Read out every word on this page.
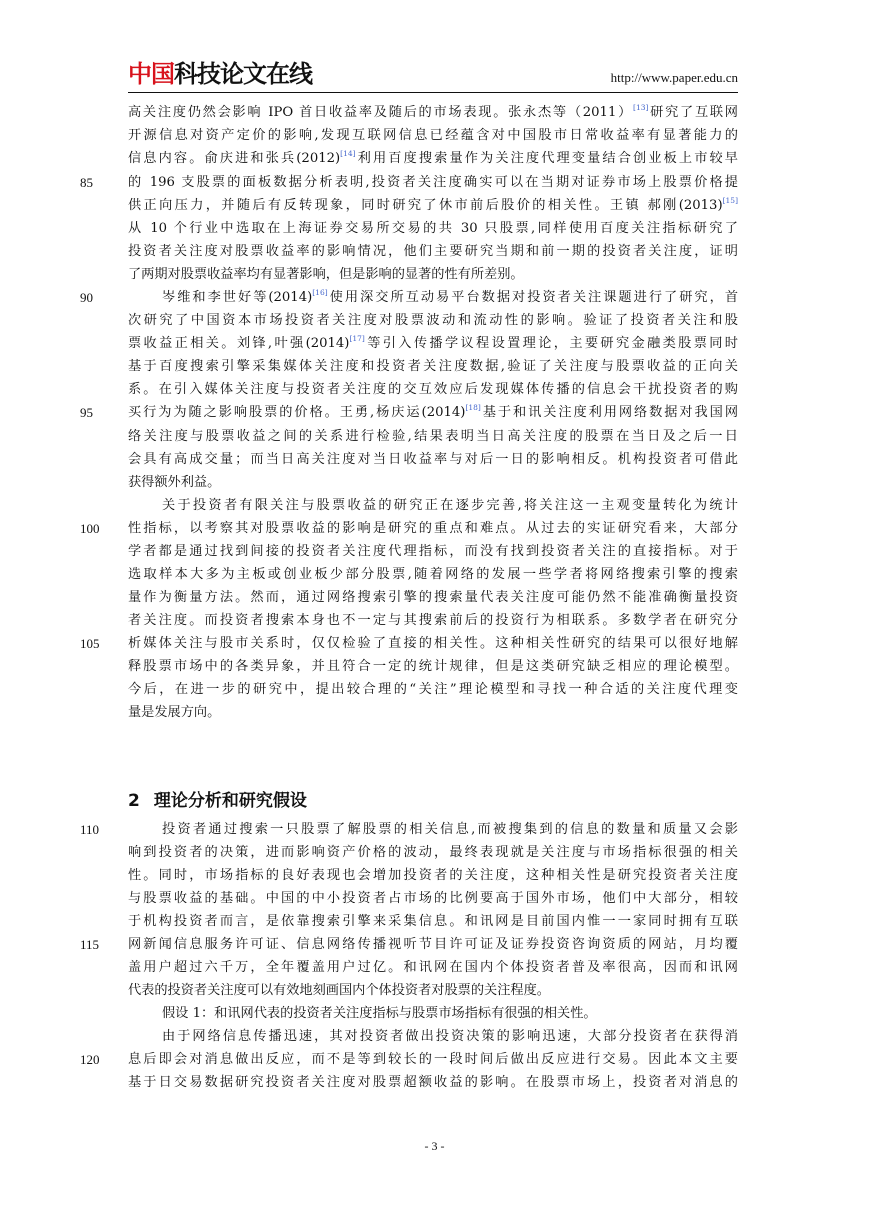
中国科技论文在线	http://www.paper.edu.cn
高关注度仍然会影响 IPO 首日收益率及随后的市场表现。张永杰等（2011）[13]研究了互联网
开源信息对资产定价的影响,发现互联网信息已经蕴含对中国股市日常收益率有显著能力的
信息内容。俞庆进和张兵(2012)[14]利用百度搜索量作为关注度代理变量结合创业板上市较早
的 196 支股票的面板数据分析表明,投资者关注度确实可以在当期对证券市场上股票价格提
供正向压力，并随后有反转现象，同时研究了休市前后股价的相关性。王镇 郝刚(2013)[15]
从 10 个行业中选取在上海证券交易所交易的共 30 只股票,同样使用百度关注指标研究了
投资者关注度对股票收益率的影响情况，他们主要研究当期和前一期的投资者关注度，证明
了两期对股票收益率均有显著影响，但是影响的显著的性有所差别。
岑维和李世好等(2014)[16]使用深交所互动易平台数据对投资者关注课题进行了研究，首
次研究了中国资本市场投资者关注度对股票波动和流动性的影响。验证了投资者关注和股
票收益正相关。刘锋,叶强(2014)[17]等引入传播学议程设置理论，主要研究金融类股票同时
基于百度搜索引擎采集媒体关注度和投资者关注度数据,验证了关注度与股票收益的正向关
系。在引入媒体关注度与投资者关注度的交互效应后发现媒体传播的信息会干扰投资者的购
买行为为随之影响股票的价格。王勇,杨庆运(2014)[18]基于和讯关注度利用网络数据对我国网
络关注度与股票收益之间的关系进行检验,结果表明当日高关注度的股票在当日及之后一日
会具有高成交量；而当日高关注度对当日收益率与对后一日的影响相反。机构投资者可借此
获得额外利益。
关于投资者有限关注与股票收益的研究正在逐步完善,将关注这一主观变量转化为统计
性指标，以考察其对股票收益的影响是研究的重点和难点。从过去的实证研究看来，大部分
学者都是通过找到间接的投资者关注度代理指标，而没有找到投资者关注的直接指标。对于
选取样本大多为主板或创业板少部分股票,随着网络的发展一些学者将网络搜索引擎的搜索
量作为衡量方法。然而，通过网络搜索引擎的搜索量代表关注度可能仍然不能准确衡量投资
者关注度。而投资者搜索本身也不一定与其搜索前后的投资行为相联系。多数学者在研究分
析媒体关注与股市关系时，仅仅检验了直接的相关性。这种相关性研究的结果可以很好地解
释股票市场中的各类异象，并且符合一定的统计规律，但是这类研究缺乏相应的理论模型。
今后，在进一步的研究中，提出较合理的“关注”理论模型和寻找一种合适的关注度代理变
量是发展方向。
投资者通过搜索一只股票了解股票的相关信息,而被搜集到的信息的数量和质量又会影
响到投资者的决策，进而影响资产价格的波动，最终表现就是关注度与市场指标很强的相关
性。同时，市场指标的良好表现也会增加投资者的关注度，这种相关性是研究投资者关注度
与股票收益的基础。中国的中小投资者占市场的比例要高于国外市场，他们中大部分，相较
于机构投资者而言，是依靠搜索引擎来采集信息。和讯网是目前国内惟一一家同时拥有互联
网新闻信息服务许可证、信息网络传播视听节目许可证及证券投资咨询资质的网站，月均覆
盖用户超过六千万，全年覆盖用户过亿。和讯网在国内个体投资者普及率很高，因而和讯网
代表的投资者关注度可以有效地刻画国内个体投资者对股票的关注程度。
假设 1：和讯网代表的投资者关注度指标与股票市场指标有很强的相关性。
由于网络信息传播迅速，其对投资者做出投资决策的影响迅速，大部分投资者在获得消
息后即会对消息做出反应，而不是等到较长的一段时间后做出反应进行交易。因此本文主要
基于日交易数据研究投资者关注度对股票超额收益的影响。在股票市场上，投资者对消息的
85
90
95
100
105
110
115
120
2 理论分析和研究假设
- 3 -
